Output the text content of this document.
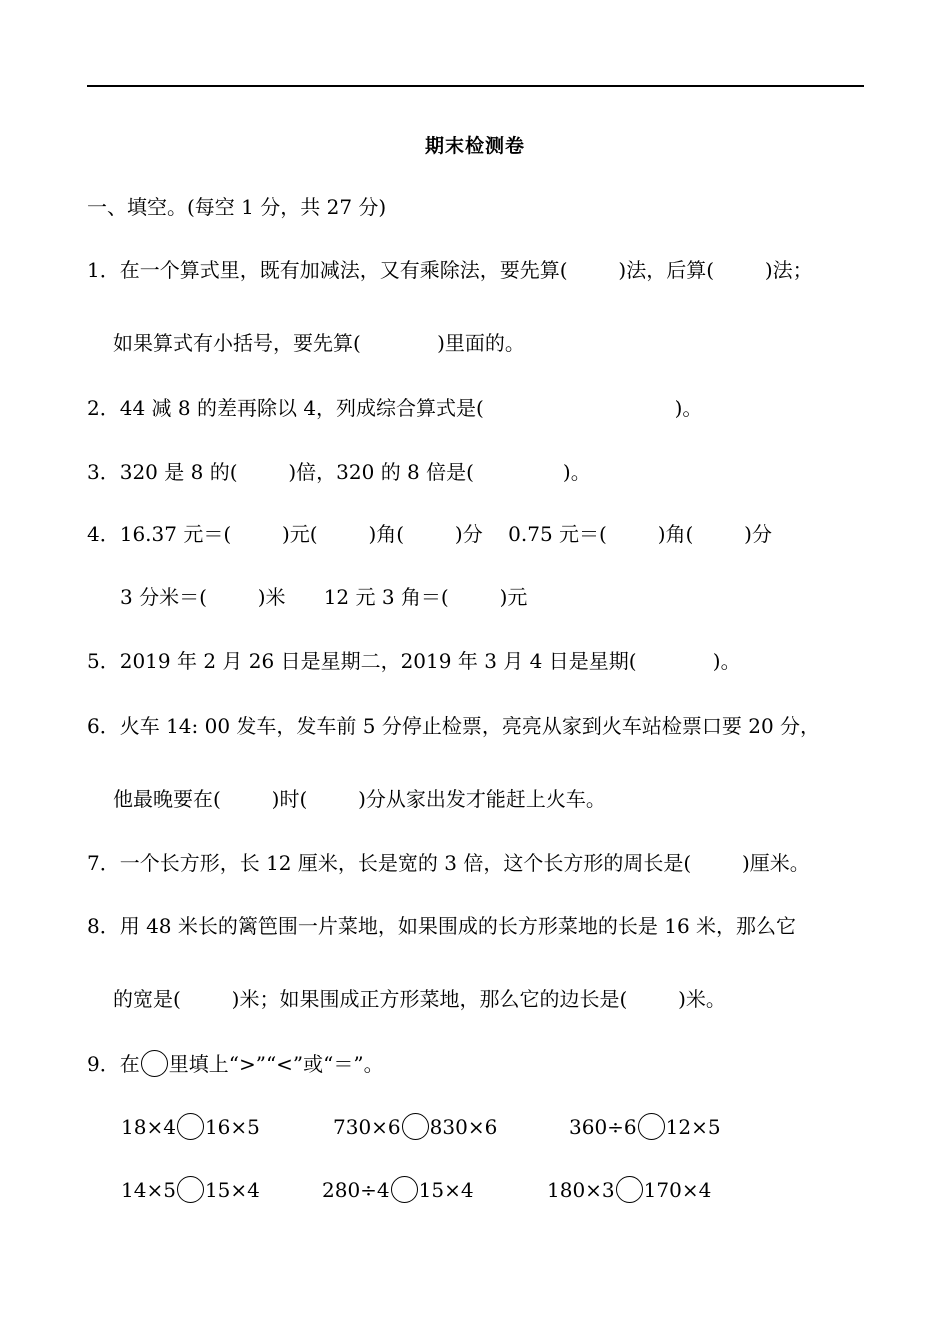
期末检测卷
一、填空。(每空 1 分，共 27 分)
1．在一个算式里，既有加减法，又有乘除法，要先算(        )法，后算(        )法；
如果算式有小括号，要先算(            )里面的。
2．44 减 8 的差再除以 4，列成综合算式是(                              )。
3．320 是 8 的(        )倍，320 的 8 倍是(              )。
4．16.37 元＝(        )元(        )角(        )分    0.75 元＝(        )角(        )分
3 分米＝(        )米      12 元 3 角＝(        )元
5．2019 年 2 月 26 日是星期二，2019 年 3 月 4 日是星期(            )。
6．火车 14: 00 发车，发车前 5 分停止检票，亮亮从家到火车站检票口要 20 分，
他最晚要在(        )时(        )分从家出发才能赶上火车。
7．一个长方形，长 12 厘米，长是宽的 3 倍，这个长方形的周长是(        )厘米。
8．用 48 米长的篱笆围一片菜地，如果围成的长方形菜地的长是 16 米，那么它
的宽是(        )米；如果围成正方形菜地，那么它的边长是(        )米。
9．在 里填上“>”“<”或“＝”。
18×4 16×5	730×6 830×6	360÷6 12×5
14×5 15×4	280÷4 15×4	180×3 170×4
